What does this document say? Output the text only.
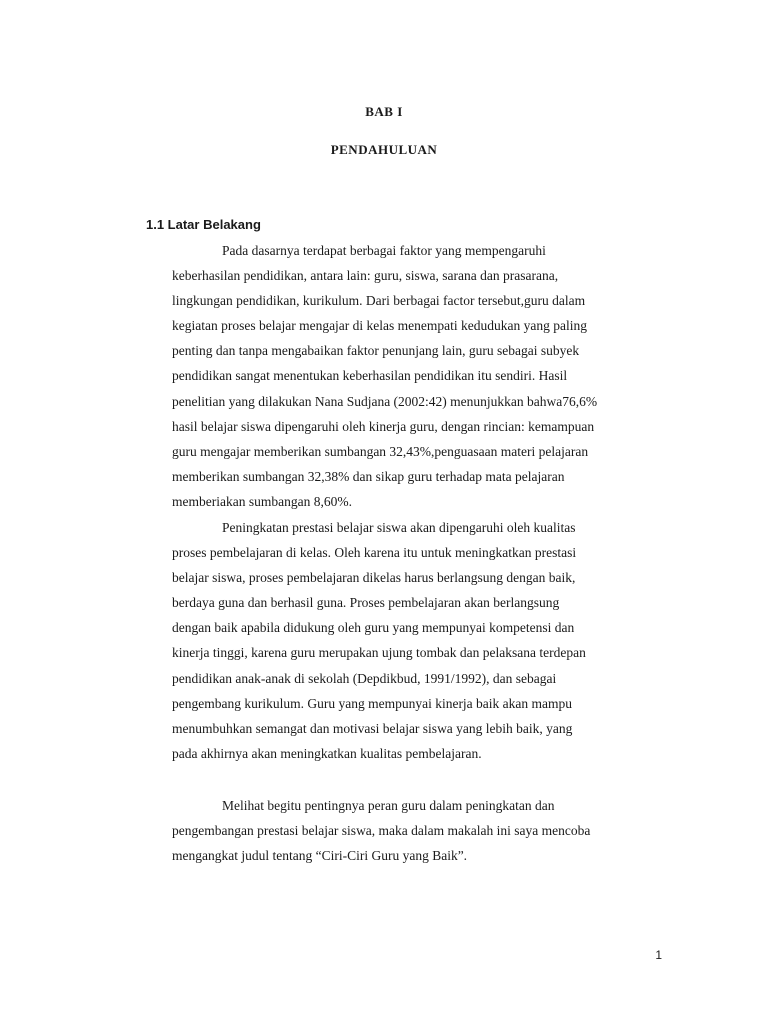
BAB I
PENDAHULUAN
1.1 Latar Belakang
Pada dasarnya terdapat berbagai faktor yang mempengaruhi
keberhasilan pendidikan, antara lain: guru, siswa, sarana dan prasarana,
lingkungan pendidikan, kurikulum. Dari berbagai factor tersebut,guru dalam
kegiatan proses belajar mengajar di kelas menempati kedudukan yang paling
penting dan tanpa mengabaikan faktor penunjang lain, guru sebagai subyek
pendidikan sangat menentukan keberhasilan pendidikan itu sendiri. Hasil
penelitian yang dilakukan Nana Sudjana (2002:42) menunjukkan bahwa76,6%
hasil belajar siswa dipengaruhi oleh kinerja guru, dengan rincian: kemampuan
guru mengajar memberikan sumbangan 32,43%,penguasaan materi pelajaran
memberikan sumbangan 32,38% dan sikap guru terhadap mata pelajaran
memberiakan sumbangan 8,60%.
Peningkatan prestasi belajar siswa akan dipengaruhi oleh kualitas
proses pembelajaran di kelas. Oleh karena itu untuk meningkatkan prestasi
belajar siswa, proses pembelajaran dikelas harus berlangsung dengan baik,
berdaya guna dan berhasil guna. Proses pembelajaran akan berlangsung
dengan baik apabila didukung oleh guru yang mempunyai kompetensi dan
kinerja tinggi, karena guru merupakan ujung tombak dan pelaksana terdepan
pendidikan anak-anak di sekolah (Depdikbud, 1991/1992), dan sebagai
pengembang kurikulum. Guru yang mempunyai kinerja baik akan mampu
menumbuhkan semangat dan motivasi belajar siswa yang lebih baik, yang
pada akhirnya akan meningkatkan kualitas pembelajaran.
Melihat begitu pentingnya peran guru dalam peningkatan dan
pengembangan prestasi belajar siswa, maka dalam makalah ini saya mencoba
mengangkat judul tentang “Ciri-Ciri Guru yang Baik”.
1
